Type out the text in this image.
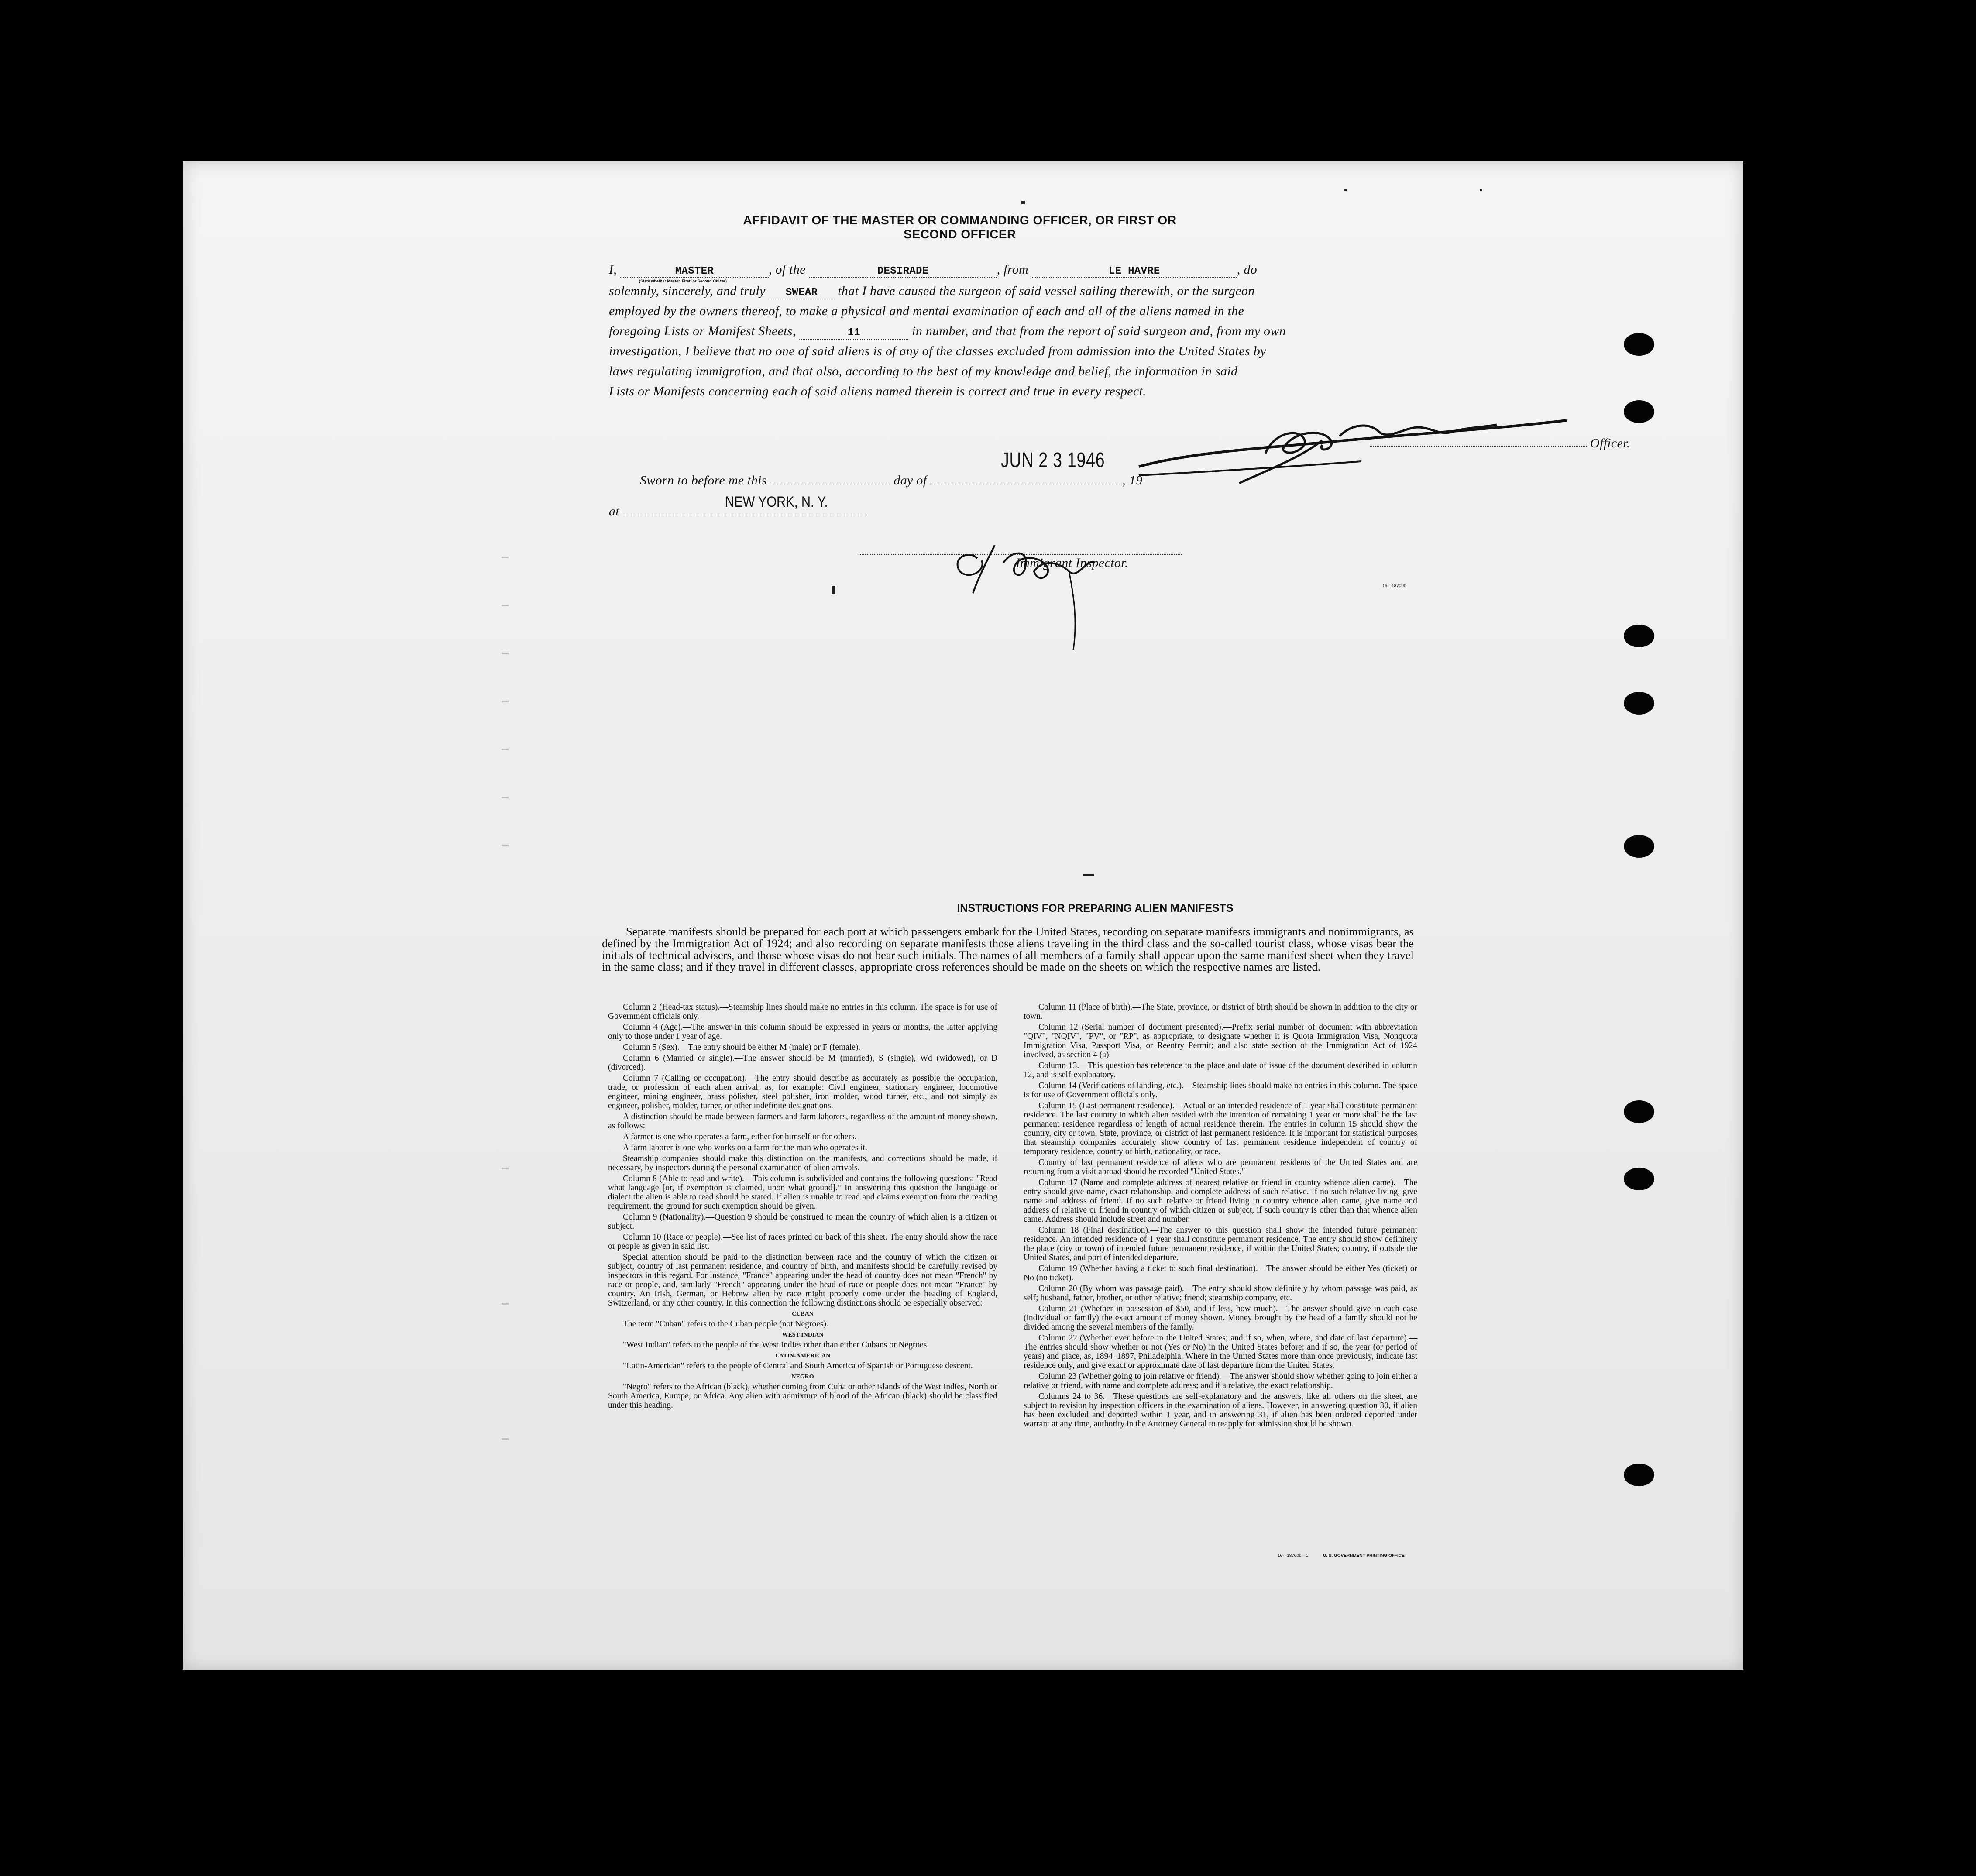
AFFIDAVIT OF THE MASTER OR COMMANDING OFFICER, OR FIRST OR SECOND OFFICER
I,	MASTER	, of the	DESIRADE	, from	LE HAVRE	, do
(State whether Master, First, or Second Officer)
solemnly, sincerely, and truly SWEAR that I have caused the surgeon of said vessel sailing therewith, or the surgeon
employed by the owners thereof, to make a physical and mental examination of each and all of the aliens named in the
foregoing Lists or Manifest Sheets,	11	in number, and that from the report of said surgeon and, from my own
investigation, I believe that no one of said aliens is of any of the classes excluded from admission into the United States by
laws regulating immigration, and that also, according to the best of my knowledge and belief, the information in said
Lists or Manifests concerning each of said aliens named therein is correct and true in every respect.
Officer.
JUN 2 3 1946
Sworn to before me this	day of	, 19
at
NEW YORK, N. Y.
Immigrant Inspector.
16—18700b
INSTRUCTIONS FOR PREPARING ALIEN MANIFESTS
Separate manifests should be prepared for each port at which passengers embark for the United States, recording on separate manifests immigrants and nonimmigrants, as defined by the Immigration Act of 1924; and also recording on separate manifests those aliens traveling in the third class and the so-called tourist class, whose visas bear the initials of technical advisers, and those whose visas do not bear such initials. The names of all members of a family shall appear upon the same manifest sheet when they travel in the same class; and if they travel in different classes, appropriate cross references should be made on the sheets on which the respective names are listed.

Column 2 (Head-tax status).—Steamship lines should make no entries in this column. The space is for use of Government officials only.

Column 4 (Age).—The answer in this column should be expressed in years or months, the latter applying only to those under 1 year of age.

Column 5 (Sex).—The entry should be either M (male) or F (female).

Column 6 (Married or single).—The answer should be M (married), S (single), Wd (widowed), or D (divorced).

Column 7 (Calling or occupation).—The entry should describe as accurately as possible the occupation, trade, or profession of each alien arrival, as, for example: Civil engineer, stationary engineer, locomotive engineer, mining engineer, brass polisher, steel polisher, iron molder, wood turner, etc., and not simply as engineer, polisher, molder, turner, or other indefinite designations.

A distinction should be made between farmers and farm laborers, regardless of the amount of money shown, as follows:

A farmer is one who operates a farm, either for himself or for others.

A farm laborer is one who works on a farm for the man who operates it.

Steamship companies should make this distinction on the manifests, and corrections should be made, if necessary, by inspectors during the personal examination of alien arrivals.

Column 8 (Able to read and write).—This column is subdivided and contains the following questions: "Read what language [or, if exemption is claimed, upon what ground]." In answering this question the language or dialect the alien is able to read should be stated. If alien is unable to read and claims exemption from the reading requirement, the ground for such exemption should be given.

Column 9 (Nationality).—Question 9 should be construed to mean the country of which alien is a citizen or subject.

Column 10 (Race or people).—See list of races printed on back of this sheet. The entry should show the race or people as given in said list.

Special attention should be paid to the distinction between race and the country of which the citizen or subject, country of last permanent residence, and country of birth, and manifests should be carefully revised by inspectors in this regard. For instance, "France" appearing under the head of country does not mean "French" by race or people, and, similarly "French" appearing under the head of race or people does not mean "France" by country. An Irish, German, or Hebrew alien by race might properly come under the heading of England, Switzerland, or any other country. In this connection the following distinctions should be especially observed:

CUBAN

The term "Cuban" refers to the Cuban people (not Negroes).

WEST INDIAN

"West Indian" refers to the people of the West Indies other than either Cubans or Negroes.

LATIN-AMERICAN

"Latin-American" refers to the people of Central and South America of Spanish or Portuguese descent.

NEGRO

"Negro" refers to the African (black), whether coming from Cuba or other islands of the West Indies, North or South America, Europe, or Africa. Any alien with admixture of blood of the African (black) should be classified under this heading.

Column 11 (Place of birth).—The State, province, or district of birth should be shown in addition to the city or town.

Column 12 (Serial number of document presented).—Prefix serial number of document with abbreviation "QIV", "NQIV", "PV", or "RP", as appropriate, to designate whether it is Quota Immigration Visa, Nonquota Immigration Visa, Passport Visa, or Reentry Permit; and also state section of the Immigration Act of 1924 involved, as section 4 (a).

Column 13.—This question has reference to the place and date of issue of the document described in column 12, and is self-explanatory.

Column 14 (Verifications of landing, etc.).—Steamship lines should make no entries in this column. The space is for use of Government officials only.

Column 15 (Last permanent residence).—Actual or an intended residence of 1 year shall constitute permanent residence. The last country in which alien resided with the intention of remaining 1 year or more shall be the last permanent residence regardless of length of actual residence therein. The entries in column 15 should show the country, city or town, State, province, or district of last permanent residence. It is important for statistical purposes that steamship companies accurately show country of last permanent residence independent of country of temporary residence, country of birth, nationality, or race.

Country of last permanent residence of aliens who are permanent residents of the United States and are returning from a visit abroad should be recorded "United States."

Column 17 (Name and complete address of nearest relative or friend in country whence alien came).—The entry should give name, exact relationship, and complete address of such relative. If no such relative living, give name and address of friend. If no such relative or friend living in country whence alien came, give name and address of relative or friend in country of which citizen or subject, if such country is other than that whence alien came. Address should include street and number.

Column 18 (Final destination).—The answer to this question shall show the intended future permanent residence. An intended residence of 1 year shall constitute permanent residence. The entry should show definitely the place (city or town) of intended future permanent residence, if within the United States; country, if outside the United States, and port of intended departure.

Column 19 (Whether having a ticket to such final destination).—The answer should be either Yes (ticket) or No (no ticket).

Column 20 (By whom was passage paid).—The entry should show definitely by whom passage was paid, as self; husband, father, brother, or other relative; friend; steamship company, etc.

Column 21 (Whether in possession of $50, and if less, how much).—The answer should give in each case (individual or family) the exact amount of money shown. Money brought by the head of a family should not be divided among the several members of the family.

Column 22 (Whether ever before in the United States; and if so, when, where, and date of last departure).—The entries should show whether or not (Yes or No) in the United States before; and if so, the year (or period of years) and place, as, 1894–1897, Philadelphia. Where in the United States more than once previously, indicate last residence only, and give exact or approximate date of last departure from the United States.

Column 23 (Whether going to join relative or friend).—The answer should show whether going to join either a relative or friend, with name and complete address; and if a relative, the exact relationship.

Columns 24 to 36.—These questions are self-explanatory and the answers, like all others on the sheet, are subject to revision by inspection officers in the examination of aliens. However, in answering question 30, if alien has been excluded and deported within 1 year, and in answering 31, if alien has been ordered deported under warrant at any time, authority in the Attorney General to reapply for admission should be shown.

16—18700b—1	U. S. GOVERNMENT PRINTING OFFICE
